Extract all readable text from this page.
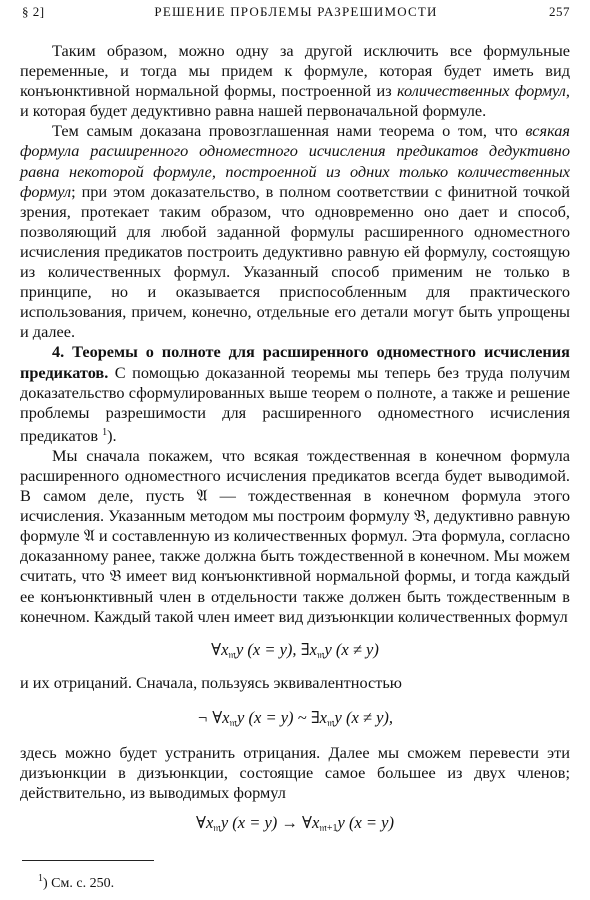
§ 2]	РЕШЕНИЕ ПРОБЛЕМЫ РАЗРЕШИМОСТИ	257

Таким образом, можно одну за другой исключить все формульные переменные, и тогда мы придем к формуле, которая будет иметь вид конъюнктивной нормальной формы, построенной из количественных формул, и которая будет дедуктивно равна нашей первоначальной формуле.

Тем самым доказана провозглашенная нами теорема о том, что всякая формула расширенного одноместного исчисления предикатов дедуктивно равна некоторой формуле, построенной из одних только количественных формул; при этом доказательство, в полном соответствии с финитной точкой зрения, протекает таким образом, что одновременно оно дает и способ, позволяющий для любой заданной формулы расширенного одноместного исчисления предикатов построить дедуктивно равную ей формулу, состоящую из количественных формул. Указанный способ применим не только в принципе, но и оказывается приспособленным для практического использования, причем, конечно, отдельные его детали могут быть упрощены и далее.

4. Теоремы о полноте для расширенного одноместного исчисления предикатов. С помощью доказанной теоремы мы теперь без труда получим доказательство сформулированных выше теорем о полноте, а также и решение проблемы разрешимости для расширенного одноместного исчисления предикатов $^1$).

Мы сначала покажем, что всякая тождественная в конечном формула расширенного одноместного исчисления предикатов всегда будет выводимой. В самом деле, пусть 𝔄 — тождественная в конечном формула этого исчисления. Указанным методом мы построим формулу 𝔅, дедуктивно равную формуле 𝔄 и составленную из количественных формул. Эта формула, согласно доказанному ранее, также должна быть тождественной в конечном. Мы можем считать, что 𝔅 имеет вид конъюнктивной нормальной формы, и тогда каждый ее конъюнктивный член в отдельности также должен быть тождественным в конечном. Каждый такой член имеет вид дизъюнкции количественных формул

$\forall x_𝔪y$ (x = y), $\exists x_𝔪y$ (x ≠ y)

и их отрицаний. Сначала, пользуясь эквивалентностью

¬ $\forall x_𝔪y$ (x = y) ~ $\exists x_𝔪y$ (x ≠ y),

здесь можно будет устранить отрицания. Далее мы сможем перевести эти дизъюнкции в дизъюнкции, состоящие самое большее из двух членов; действительно, из выводимых формул

$\forall x_𝔪y$ $(x = y) \to \forall x_{𝔪+1}y$ (x = y)
$^1$) См. с. 250.
